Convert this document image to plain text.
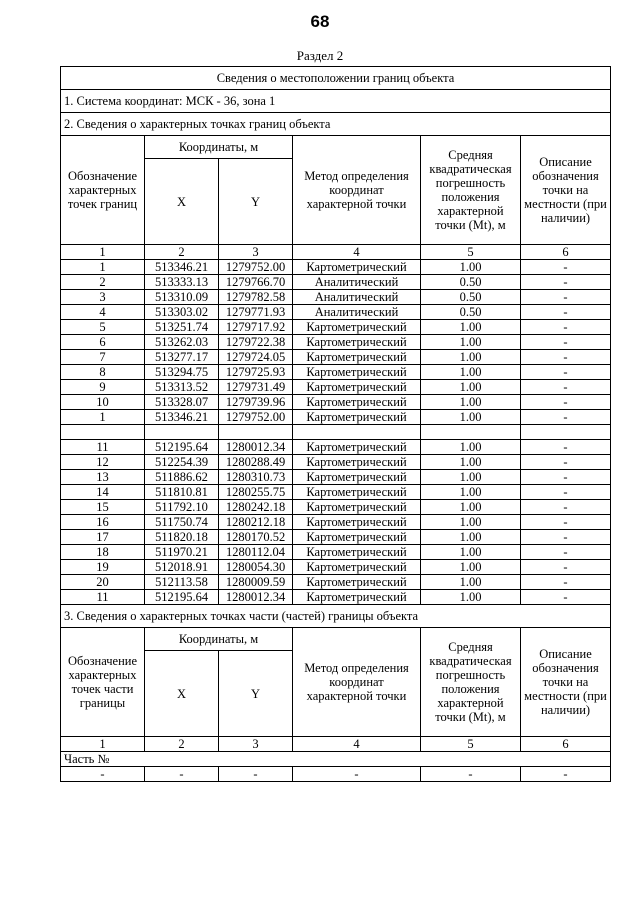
68
Раздел 2
Сведения о местоположении границ объекта					
1. Система координат: МСК - 36, зона 1					
2. Сведения о характерных точках границ объекта					
Обозначение характерных точек границ	Координаты, м		Метод определения координат характерной точки	Средняя квадратическая погрешность положения характерной точки (Mt), м	Описание обозначения точки на местности (при наличии)
	X	Y			
1	2	3	4	5	6
1	513346.21	1279752.00	Картометрический	1.00	-
2	513333.13	1279766.70	Аналитический	0.50	-
3	513310.09	1279782.58	Аналитический	0.50	-
4	513303.02	1279771.93	Аналитический	0.50	-
5	513251.74	1279717.92	Картометрический	1.00	-
6	513262.03	1279722.38	Картометрический	1.00	-
7	513277.17	1279724.05	Картометрический	1.00	-
8	513294.75	1279725.93	Картометрический	1.00	-
9	513313.52	1279731.49	Картометрический	1.00	-
10	513328.07	1279739.96	Картометрический	1.00	-
1	513346.21	1279752.00	Картометрический	1.00	-

11	512195.64	1280012.34	Картометрический	1.00	-
12	512254.39	1280288.49	Картометрический	1.00	-
13	511886.62	1280310.73	Картометрический	1.00	-
14	511810.81	1280255.75	Картометрический	1.00	-
15	511792.10	1280242.18	Картометрический	1.00	-
16	511750.74	1280212.18	Картометрический	1.00	-
17	511820.18	1280170.52	Картометрический	1.00	-
18	511970.21	1280112.04	Картометрический	1.00	-
19	512018.91	1280054.30	Картометрический	1.00	-
20	512113.58	1280009.59	Картометрический	1.00	-
11	512195.64	1280012.34	Картометрический	1.00	-
3. Сведения о характерных точках части (частей) границы объекта					
Обозначение характерных точек части границы	Координаты, м		Метод определения координат характерной точки	Средняя квадратическая погрешность положения характерной точки (Mt), м	Описание обозначения точки на местности (при наличии)
	X	Y			
1	2	3	4	5	6
Часть №					
-	-	-	-	-	-
